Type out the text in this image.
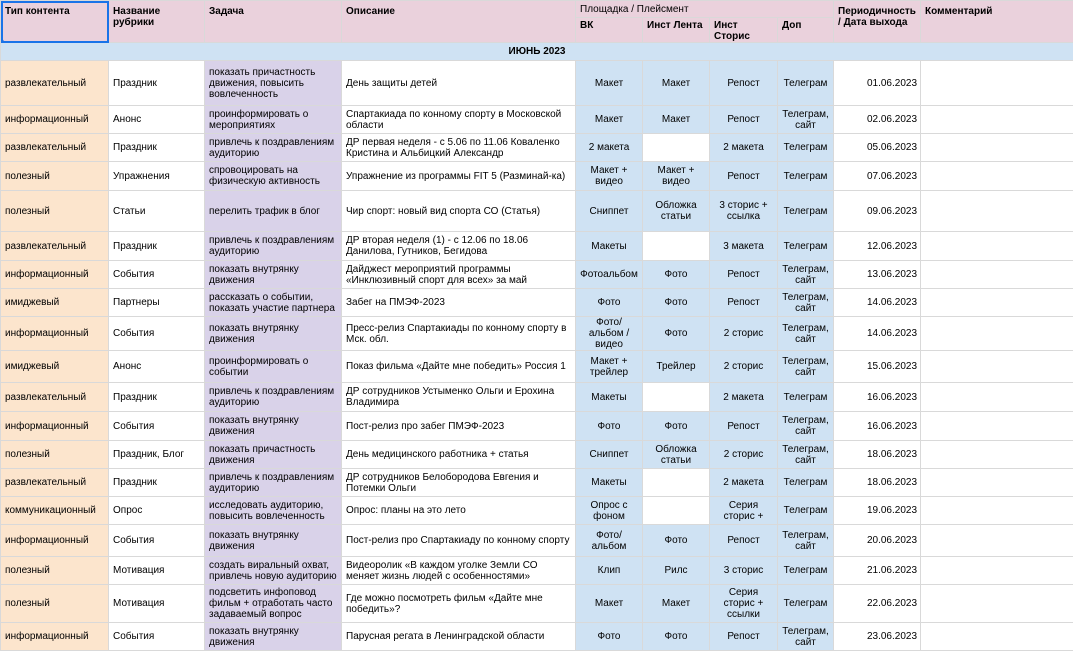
Тип контента	Название рубрики	Задача	Описание	Площадка / Плейсмент				Периодичность / Дата выхода	Комментарий
				ВК	Инст Лента	Инст Сторис	Доп		
ИЮНЬ 2023									
развлекательный	Праздник	показать причастность движения, повысить вовлеченность	День защиты детей	Макет	Макет	Репост	Телеграм	01.06.2023	
информационный	Анонс	проинформировать о мероприятиях	Спартакиада по конному спорту в Московской области	Макет	Макет	Репост	Телеграм, сайт	02.06.2023	
развлекательный	Праздник	привлечь к поздравлениям аудиторию	ДР первая неделя - с 5.06 по 11.06 Коваленко Кристина и Альбицкий Александр	2 макета		2 макета	Телеграм	05.06.2023	
полезный	Упражнения	спровоцировать на физическую активность	Упражнение из программы FIT 5 (Разминай-ка)	Макет + видео	Макет + видео	Репост	Телеграм	07.06.2023	
полезный	Статьи	перелить трафик в блог	Чир спорт: новый вид спорта СО (Статья)	Сниппет	Обложка статьи	3 сторис + ссылка	Телеграм	09.06.2023	
развлекательный	Праздник	привлечь к поздравлениям аудиторию	ДР вторая неделя (1) - с 12.06 по 18.06 Данилова, Гутников, Бегидова	Макеты		3 макета	Телеграм	12.06.2023	
информационный	События	показать внутрянку движения	Дайджест мероприятий программы «Инклюзивный спорт для всех» за май	Фотоальбом	Фото	Репост	Телеграм, сайт	13.06.2023	
имиджевый	Партнеры	рассказать о событии, показать участие партнера	Забег на ПМЭФ-2023	Фото	Фото	Репост	Телеграм, сайт	14.06.2023	
информационный	События	показать внутрянку движения	Пресс-релиз Спартакиады по конному спорту в Мск. обл.	Фото/альбом /видео	Фото	2 сторис	Телеграм, сайт	14.06.2023	
имиджевый	Анонс	проинформировать о событии	Показ фильма «Дайте мне победить» Россия 1	Макет + трейлер	Трейлер	2 сторис	Телеграм, сайт	15.06.2023	
развлекательный	Праздник	привлечь к поздравлениям аудиторию	ДР сотрудников Устыменко Ольги и Ерохина Владимира	Макеты		2 макета	Телеграм	16.06.2023	
информационный	События	показать внутрянку движения	Пост-релиз про забег ПМЭФ-2023	Фото	Фото	Репост	Телеграм, сайт	16.06.2023	
полезный	Праздник, Блог	показать причастность движения	День медицинского работника + статья	Сниппет	Обложка статьи	2 сторис	Телеграм, сайт	18.06.2023	
развлекательный	Праздник	привлечь к поздравлениям аудиторию	ДР сотрудников Белобородова Евгения и Потемки Ольги	Макеты		2 макета	Телеграм	18.06.2023	
коммуникационный	Опрос	исследовать аудиторию, повысить вовлеченность	Опрос: планы на это лето	Опрос с фоном		Серия сторис +	Телеграм	19.06.2023	
информационный	События	показать внутрянку движения	Пост-релиз про Спартакиаду по конному спорту	Фото/альбом	Фото	Репост	Телеграм, сайт	20.06.2023	
полезный	Мотивация	создать виральный охват, привлечь новую аудиторию	Видеоролик «В каждом уголке Земли СО меняет жизнь людей с особенностями»	Клип	Рилс	3 сторис	Телеграм	21.06.2023	
полезный	Мотивация	подсветить инфоповод фильм + отработать часто задаваемый вопрос	Где можно посмотреть фильм «Дайте мне победить»?	Макет	Макет	Серия сторис + ссылки	Телеграм	22.06.2023	
информационный	События	показать внутрянку движения	Парусная регата в Ленинградской области	Фото	Фото	Репост	Телеграм, сайт	23.06.2023	
